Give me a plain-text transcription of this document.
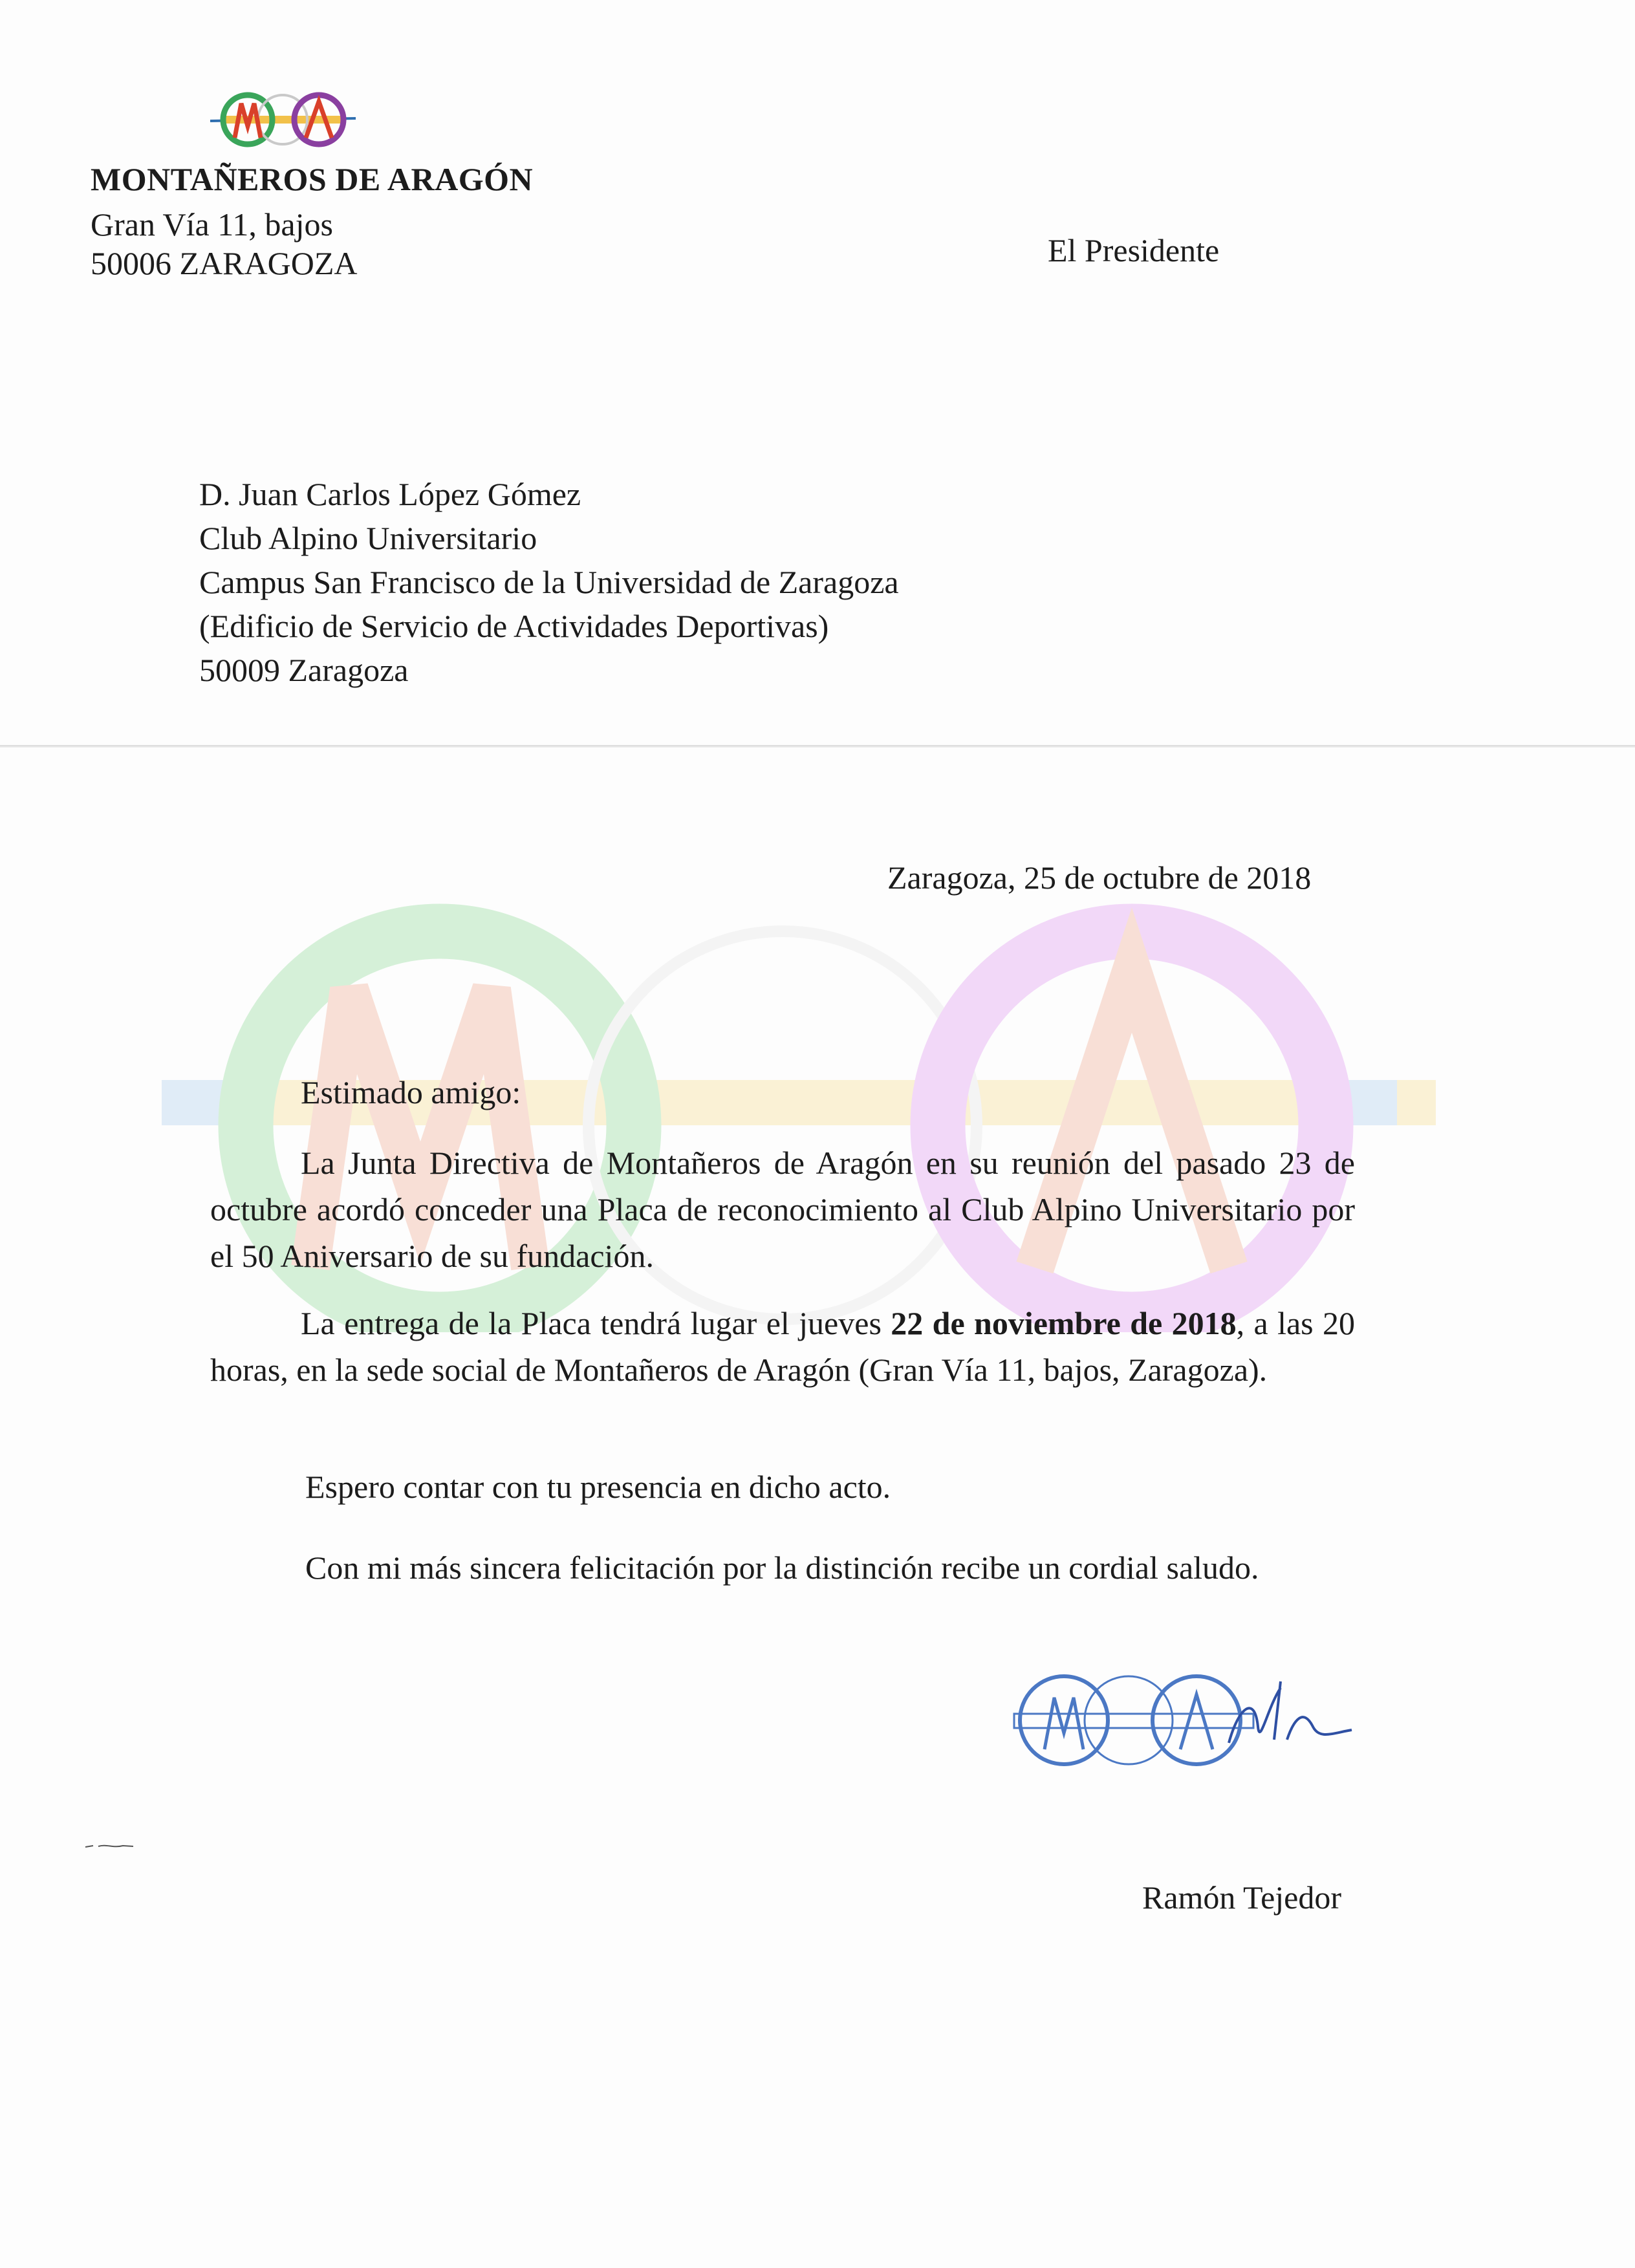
MONTAÑEROS DE ARAGÓN
Gran Vía 11, bajos
50006 ZARAGOZA	El Presidente
D. Juan Carlos López Gómez
Club Alpino Universitario
Campus San Francisco de la Universidad de Zaragoza
(Edificio de Servicio de Actividades Deportivas)
50009 Zaragoza
Zaragoza, 25 de octubre de 2018
Estimado amigo:
La Junta Directiva de Montañeros de Aragón en su reunión del pasado 23 de octubre acordó conceder una Placa de reconocimiento al Club Alpino Universitario por el 50 Aniversario de su fundación.
La entrega de la Placa tendrá lugar el jueves 22 de noviembre de 2018, a las 20 horas, en la sede social de Montañeros de Aragón (Gran Vía 11, bajos, Zaragoza).
Espero contar con tu presencia en dicho acto.
Con mi más sincera felicitación por la distinción recibe un cordial saludo.
Ramón Tejedor
